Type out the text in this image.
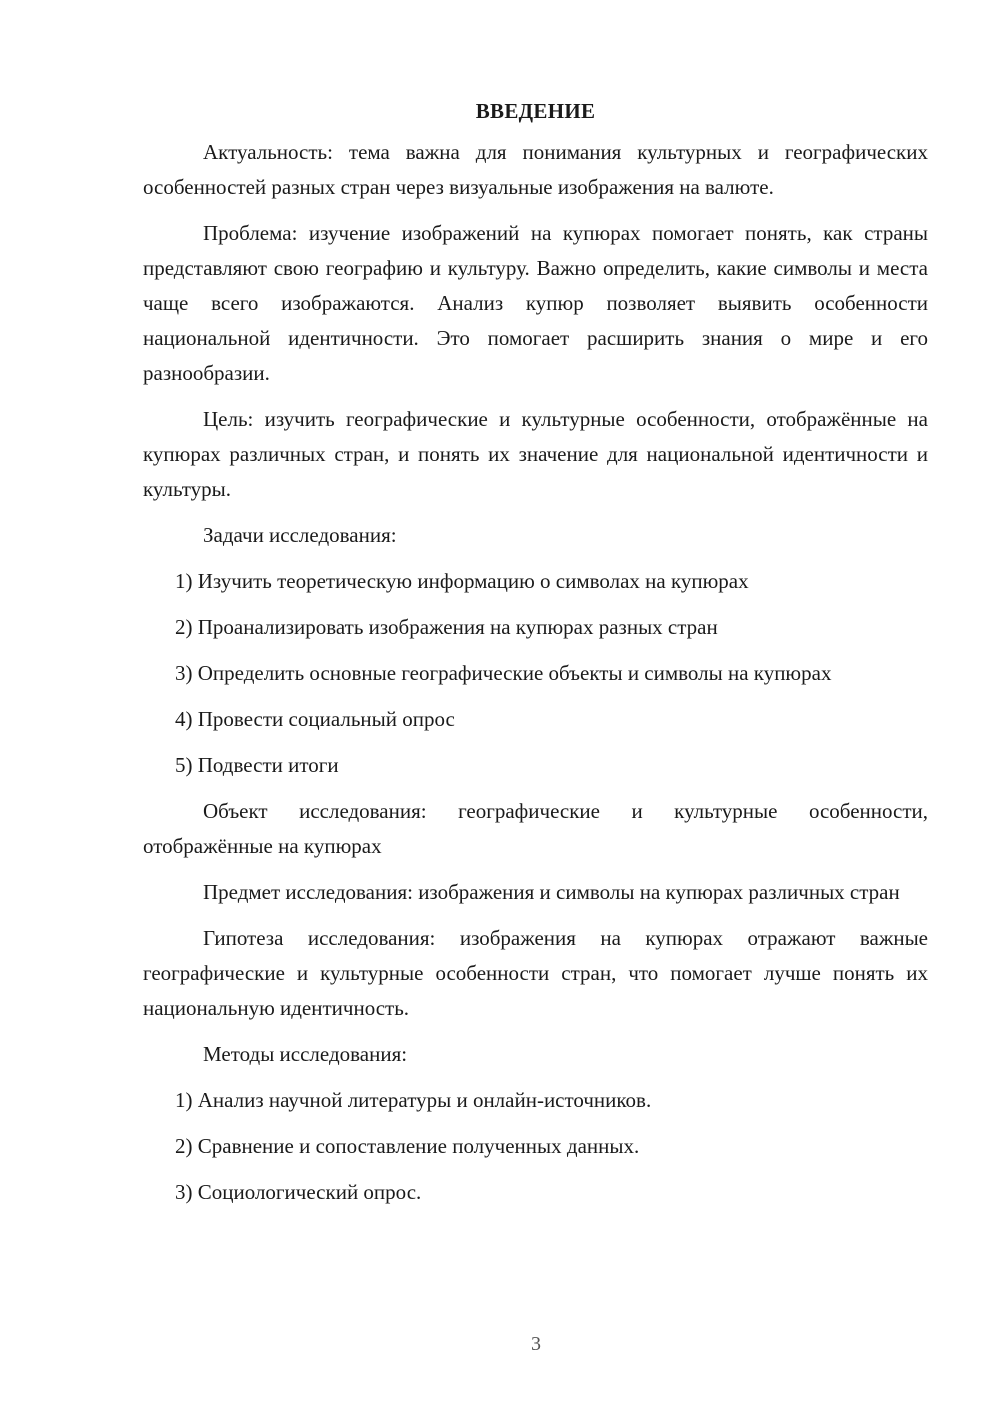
ВВЕДЕНИЕ

Актуальность: тема важна для понимания культурных и географических особенностей разных стран через визуальные изображения на валюте.

Проблема: изучение изображений на купюрах помогает понять, как страны представляют свою географию и культуру. Важно определить, какие символы и места чаще всего изображаются. Анализ купюр позволяет выявить особенности национальной идентичности. Это помогает расширить знания о мире и его разнообразии.

Цель: изучить географические и культурные особенности, отображённые на купюрах различных стран, и понять их значение для национальной идентичности и культуры.

Задачи исследования:

1) Изучить теоретическую информацию о символах на купюрах

2) Проанализировать изображения на купюрах разных стран

3) Определить основные географические объекты и символы на купюрах

4) Провести социальный опрос

5) Подвести итоги

Объект исследования: географические и культурные особенности, отображённые на купюрах

Предмет исследования: изображения и символы на купюрах различных стран

Гипотеза исследования: изображения на купюрах отражают важные географические и культурные особенности стран, что помогает лучше понять их национальную идентичность.

Методы исследования:

1) Анализ научной литературы и онлайн-источников.

2) Сравнение и сопоставление полученных данных.

3) Социологический опрос.

3
